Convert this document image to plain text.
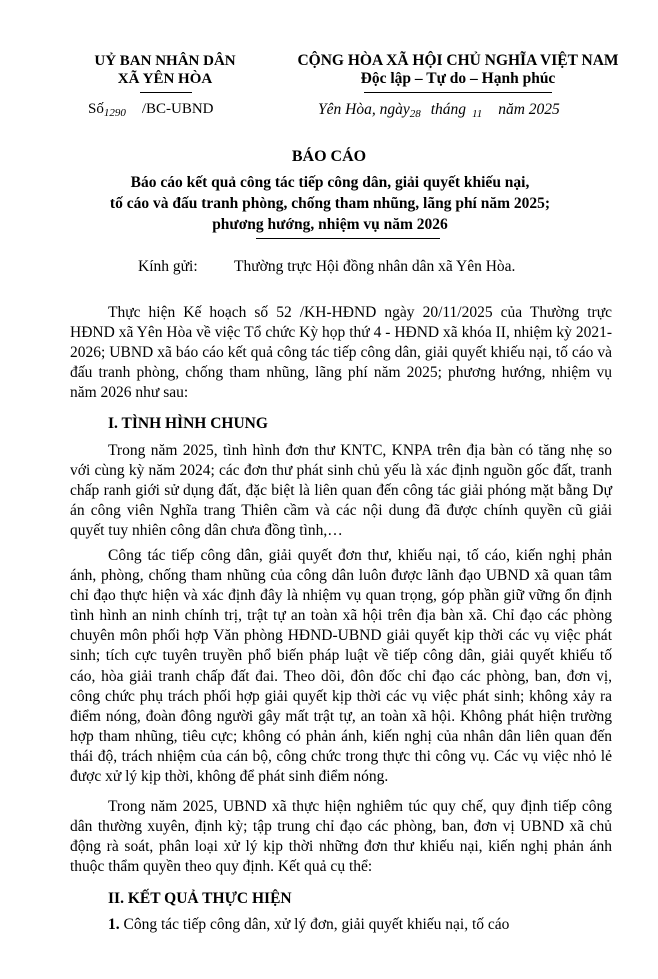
UỶ BAN NHÂN DÂN
XÃ YÊN HÒA
Số$_{1290}$ /BC-UBND
CỘNG HÒA XÃ HỘI CHỦ NGHĨA VIỆT NAM
Độc lập – Tự do – Hạnh phúc
Yên Hòa, ngày28 tháng 11 năm 2025
BÁO CÁO
Báo cáo kết quả công tác tiếp công dân, giải quyết khiếu nại,
tố cáo và đấu tranh phòng, chống tham nhũng, lãng phí năm 2025;
phương hướng, nhiệm vụ năm 2026
Kính gửi: Thường trực Hội đồng nhân dân xã Yên Hòa.

Thực hiện Kế hoạch số 52 /KH-HĐND ngày 20/11/2025 của Thường trực HĐND xã Yên Hòa về việc Tổ chức Kỳ họp thứ 4 - HĐND xã khóa II, nhiệm kỳ 2021-2026; UBND xã báo cáo kết quả công tác tiếp công dân, giải quyết khiếu nại, tố cáo và đấu tranh phòng, chống tham nhũng, lãng phí năm 2025; phương hướng, nhiệm vụ năm 2026 như sau:

I. TÌNH HÌNH CHUNG

Trong năm 2025, tình hình đơn thư KNTC, KNPA trên địa bàn có tăng nhẹ so với cùng kỳ năm 2024; các đơn thư phát sinh chủ yếu là xác định nguồn gốc đất, tranh chấp ranh giới sử dụng đất, đặc biệt là liên quan đến công tác giải phóng mặt bằng Dự án công viên Nghĩa trang Thiên cầm và các nội dung đã được chính quyền cũ giải quyết tuy nhiên công dân chưa đồng tình,…

Công tác tiếp công dân, giải quyết đơn thư, khiếu nại, tố cáo, kiến nghị phản ánh, phòng, chống tham nhũng của công dân luôn được lãnh đạo UBND xã quan tâm chỉ đạo thực hiện và xác định đây là nhiệm vụ quan trọng, góp phần giữ vững ổn định tình hình an ninh chính trị, trật tự an toàn xã hội trên địa bàn xã. Chỉ đạo các phòng chuyên môn phối hợp Văn phòng HĐND-UBND giải quyết kịp thời các vụ việc phát sinh; tích cực tuyên truyền phổ biến pháp luật về tiếp công dân, giải quyết khiếu tố cáo, hòa giải tranh chấp đất đai. Theo dõi, đôn đốc chỉ đạo các phòng, ban, đơn vị, công chức phụ trách phối hợp giải quyết kịp thời các vụ việc phát sinh; không xảy ra điểm nóng, đoàn đông người gây mất trật tự, an toàn xã hội. Không phát hiện trường hợp tham nhũng, tiêu cực; không có phản ánh, kiến nghị của nhân dân liên quan đến thái độ, trách nhiệm của cán bộ, công chức trong thực thi công vụ. Các vụ việc nhỏ lẻ được xử lý kịp thời, không để phát sinh điểm nóng.

Trong năm 2025, UBND xã thực hiện nghiêm túc quy chế, quy định tiếp công dân thường xuyên, định kỳ; tập trung chỉ đạo các phòng, ban, đơn vị UBND xã chủ động rà soát, phân loại xử lý kịp thời những đơn thư khiếu nại, kiến nghị phản ánh thuộc thẩm quyền theo quy định. Kết quả cụ thể:

II. KẾT QUẢ THỰC HIỆN
1. Công tác tiếp công dân, xử lý đơn, giải quyết khiếu nại, tố cáo
